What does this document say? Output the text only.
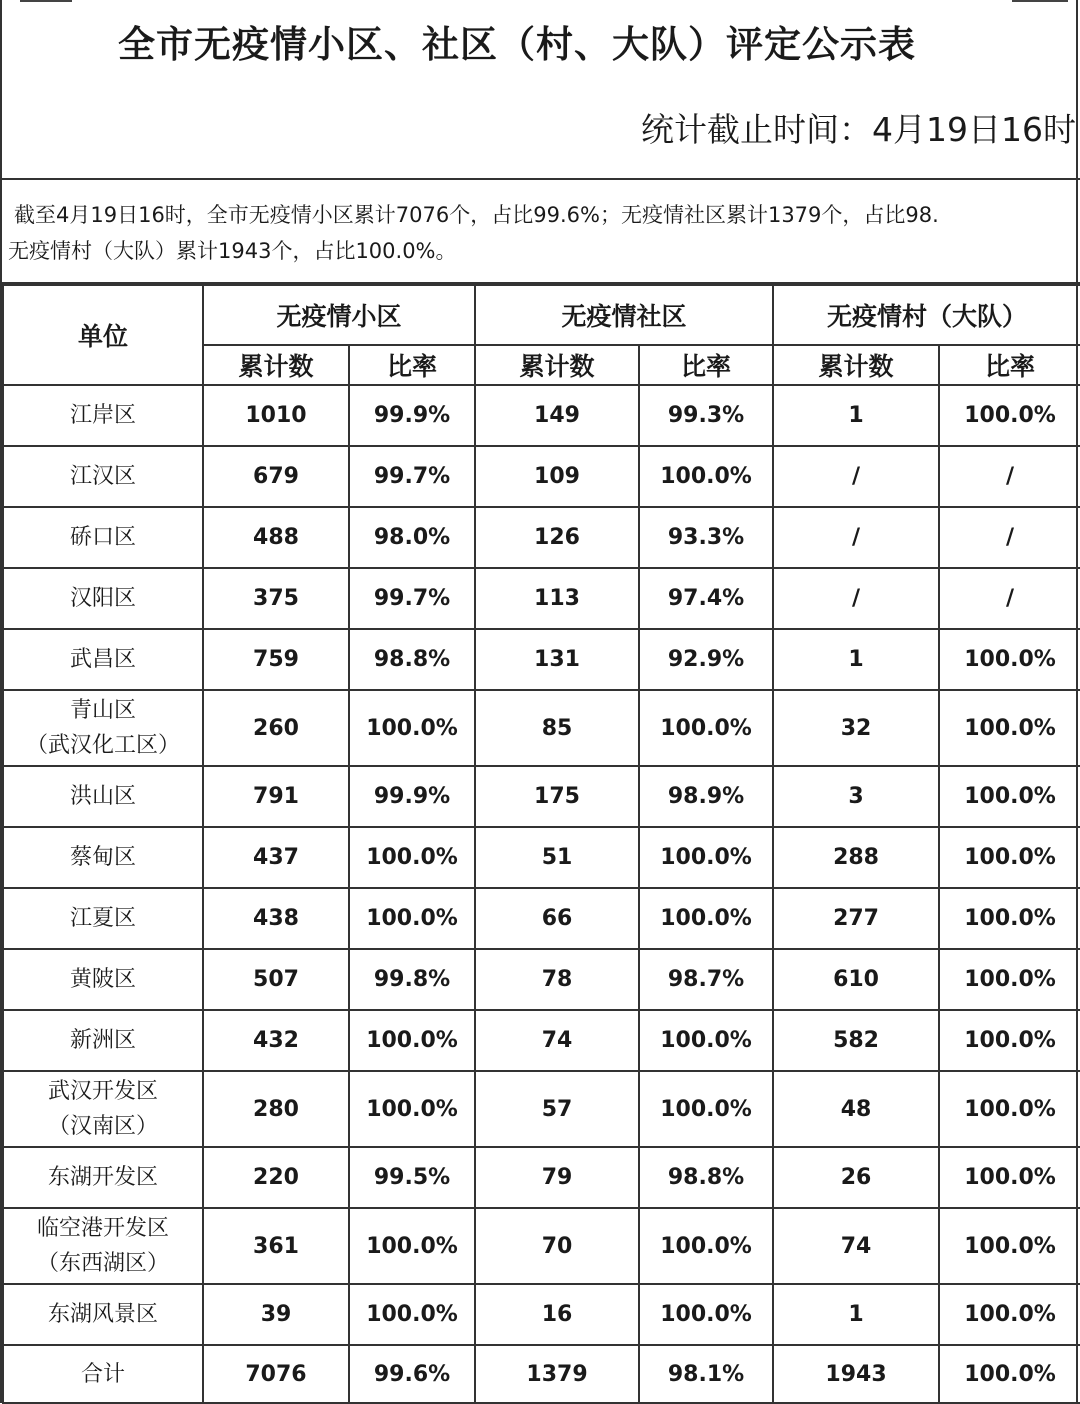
全市无疫情小区、社区（村、大队）评定公示表
统计截止时间：4月19日16时
截至4月19日16时，全市无疫情小区累计7076个，占比99.6%；无疫情社区累计1379个，占比98.
无疫情村（大队）累计1943个，占比100.0%。
单位	无疫情小区		无疫情社区		无疫情村（大队）	
	累计数	比率	累计数	比率	累计数	比率

江岸区	1010	99.9%	149	99.3%	1	100.0%

江汉区	679	99.7%	109	100.0%	/	/

硚口区	488	98.0%	126	93.3%	/	/

汉阳区	375	99.7%	113	97.4%	/	/

武昌区	759	98.8%	131	92.9%	1	100.0%

青山区
（武汉化工区）	260	100.0%	85	100.0%	32	100.0%

洪山区	791	99.9%	175	98.9%	3	100.0%

蔡甸区	437	100.0%	51	100.0%	288	100.0%

江夏区	438	100.0%	66	100.0%	277	100.0%

黄陂区	507	99.8%	78	98.7%	610	100.0%

新洲区	432	100.0%	74	100.0%	582	100.0%

武汉开发区
（汉南区）	280	100.0%	57	100.0%	48	100.0%

东湖开发区	220	99.5%	79	98.8%	26	100.0%

临空港开发区
（东西湖区）	361	100.0%	70	100.0%	74	100.0%

东湖风景区	39	100.0%	16	100.0%	1	100.0%

合计	7076	99.6%	1379	98.1%	1943	100.0%
